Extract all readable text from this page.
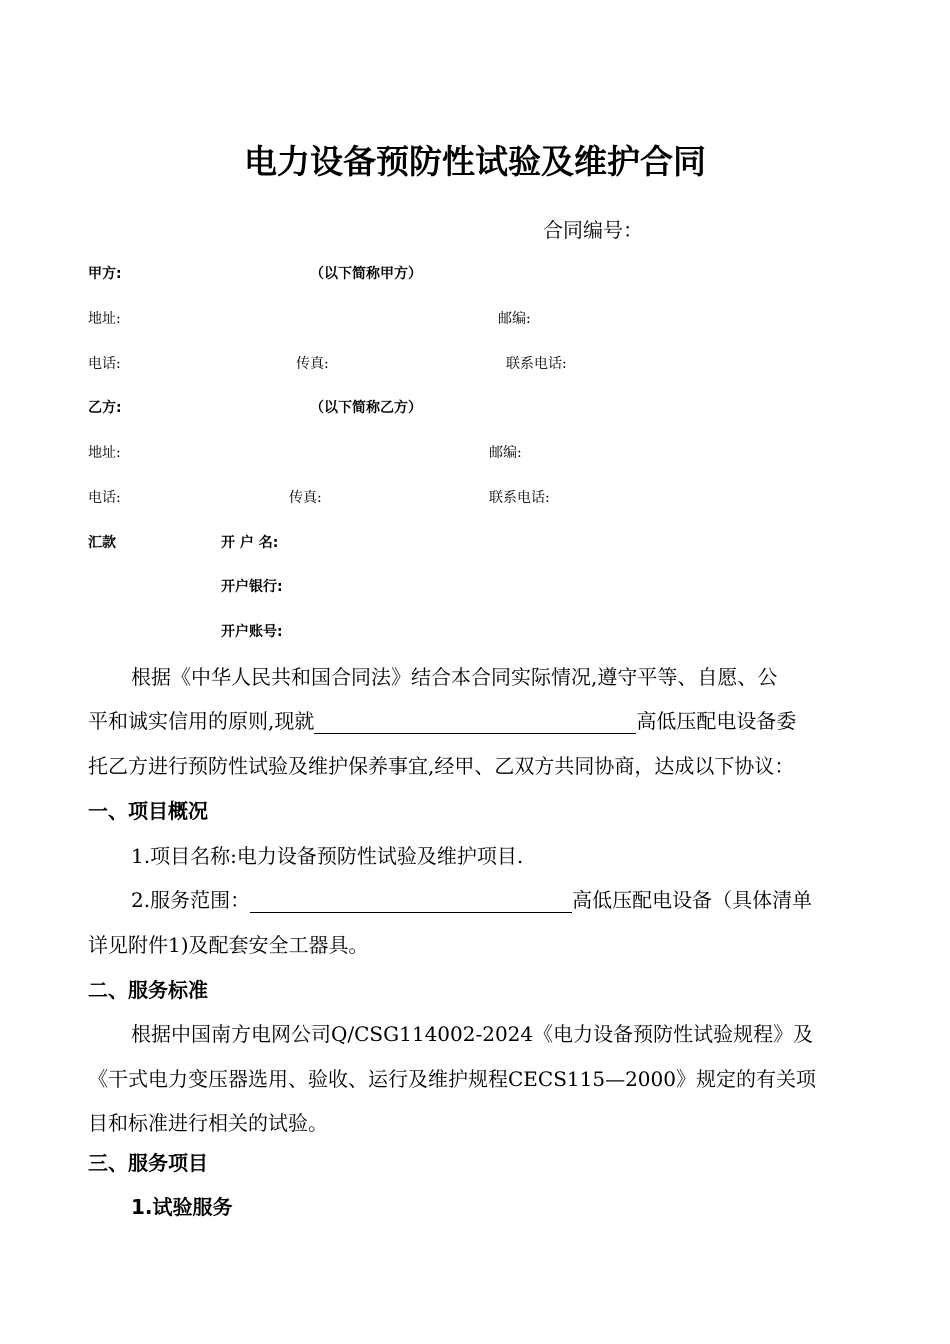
电力设备预防性试验及维护合同
合同编号：
甲方:	（以下简称甲方）
地址:	邮编:
电话:	传真:	联系电话:
乙方:	（以下简称乙方）
地址:	邮编:
电话:	传真:	联系电话:
汇款	开 户 名:
开户银行:
开户账号:
根据《中华人民共和国合同法》结合本合同实际情况,遵守平等、自愿、公
平和诚实信用的原则,现就	高低压配电设备委
托乙方进行预防性试验及维护保养事宜,经甲、乙双方共同协商，达成以下协议：
一、项目概况
1.项目名称:电力设备预防性试验及维护项目.
2.服务范围：	高低压配电设备（具体清单
详见附件1)及配套安全工器具。
二、服务标准
根据中国南方电网公司Q/CSG114002-2024《电力设备预防性试验规程》及
《干式电力变压器选用、验收、运行及维护规程CECS115—2000》规定的有关项
目和标准进行相关的试验。
三、服务项目
1.试验服务
